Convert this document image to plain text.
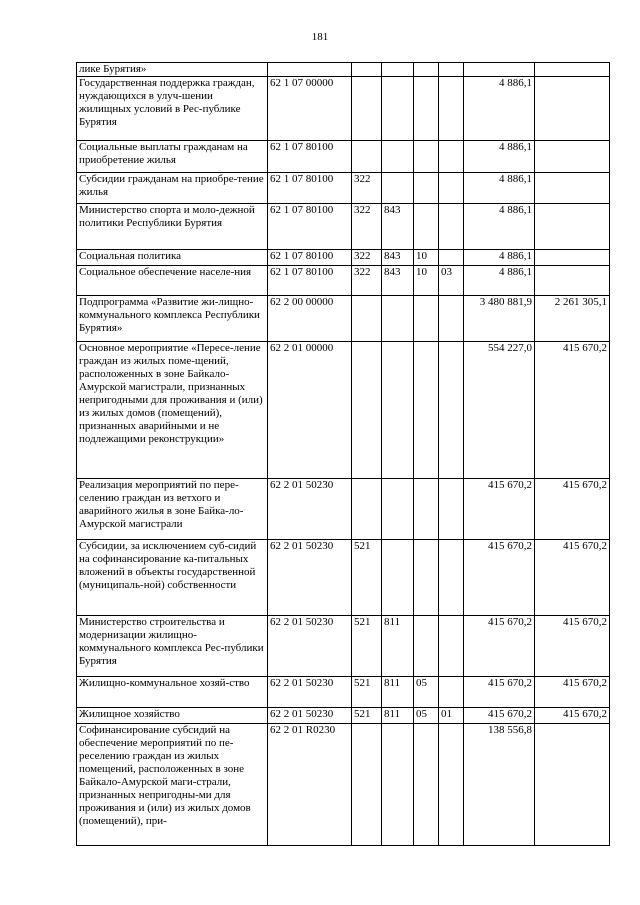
181
лике Бурятия»							
Государственная поддержка граждан, нуждающихся в улуч-шении жилищных условий в Рес-публике Бурятия	62 1 07 00000					4 886,1	
Социальные выплаты гражданам на приобретение жилья	62 1 07 80100					4 886,1	
Субсидии гражданам на приобре-тение жилья	62 1 07 80100	322				4 886,1	
Министерство спорта и моло-дежной политики Республики Бурятия	62 1 07 80100	322	843			4 886,1	
Социальная политика	62 1 07 80100	322	843	10		4 886,1	
Социальное обеспечение населе-ния	62 1 07 80100	322	843	10	03	4 886,1	
Подпрограмма «Развитие жи-лищно-коммунального комплекса Республики Бурятия»	62 2 00 00000					3 480 881,9	2 261 305,1
Основное мероприятие «Пересе-ление граждан из жилых поме-щений, расположенных в зоне Байкало-Амурской магистрали, признанных непригодными для проживания и (или) из жилых домов (помещений), признанных аварийными и не подлежащими реконструкции»	62 2 01 00000					554 227,0	415 670,2
Реализация мероприятий по пере-селению граждан из ветхого и аварийного жилья в зоне Байка-ло-Амурской магистрали	62 2 01 50230					415 670,2	415 670,2
Субсидии, за исключением суб-сидий на софинансирование ка-питальных вложений в объекты государственной (муниципаль-ной) собственности	62 2 01 50230	521				415 670,2	415 670,2
Министерство строительства и модернизации жилищно-коммунального комплекса Рес-публики Бурятия	62 2 01 50230	521	811			415 670,2	415 670,2
Жилищно-коммунальное хозяй-ство	62 2 01 50230	521	811	05		415 670,2	415 670,2
Жилищное хозяйство	62 2 01 50230	521	811	05	01	415 670,2	415 670,2
Софинансирование субсидий на обеспечение мероприятий по пе-реселению граждан из жилых помещений, расположенных в зоне Байкало-Амурской маги-страли, признанных непригодны-ми для проживания и (или) из жилых домов (помещений), при-	62 2 01 R0230					138 556,8	
